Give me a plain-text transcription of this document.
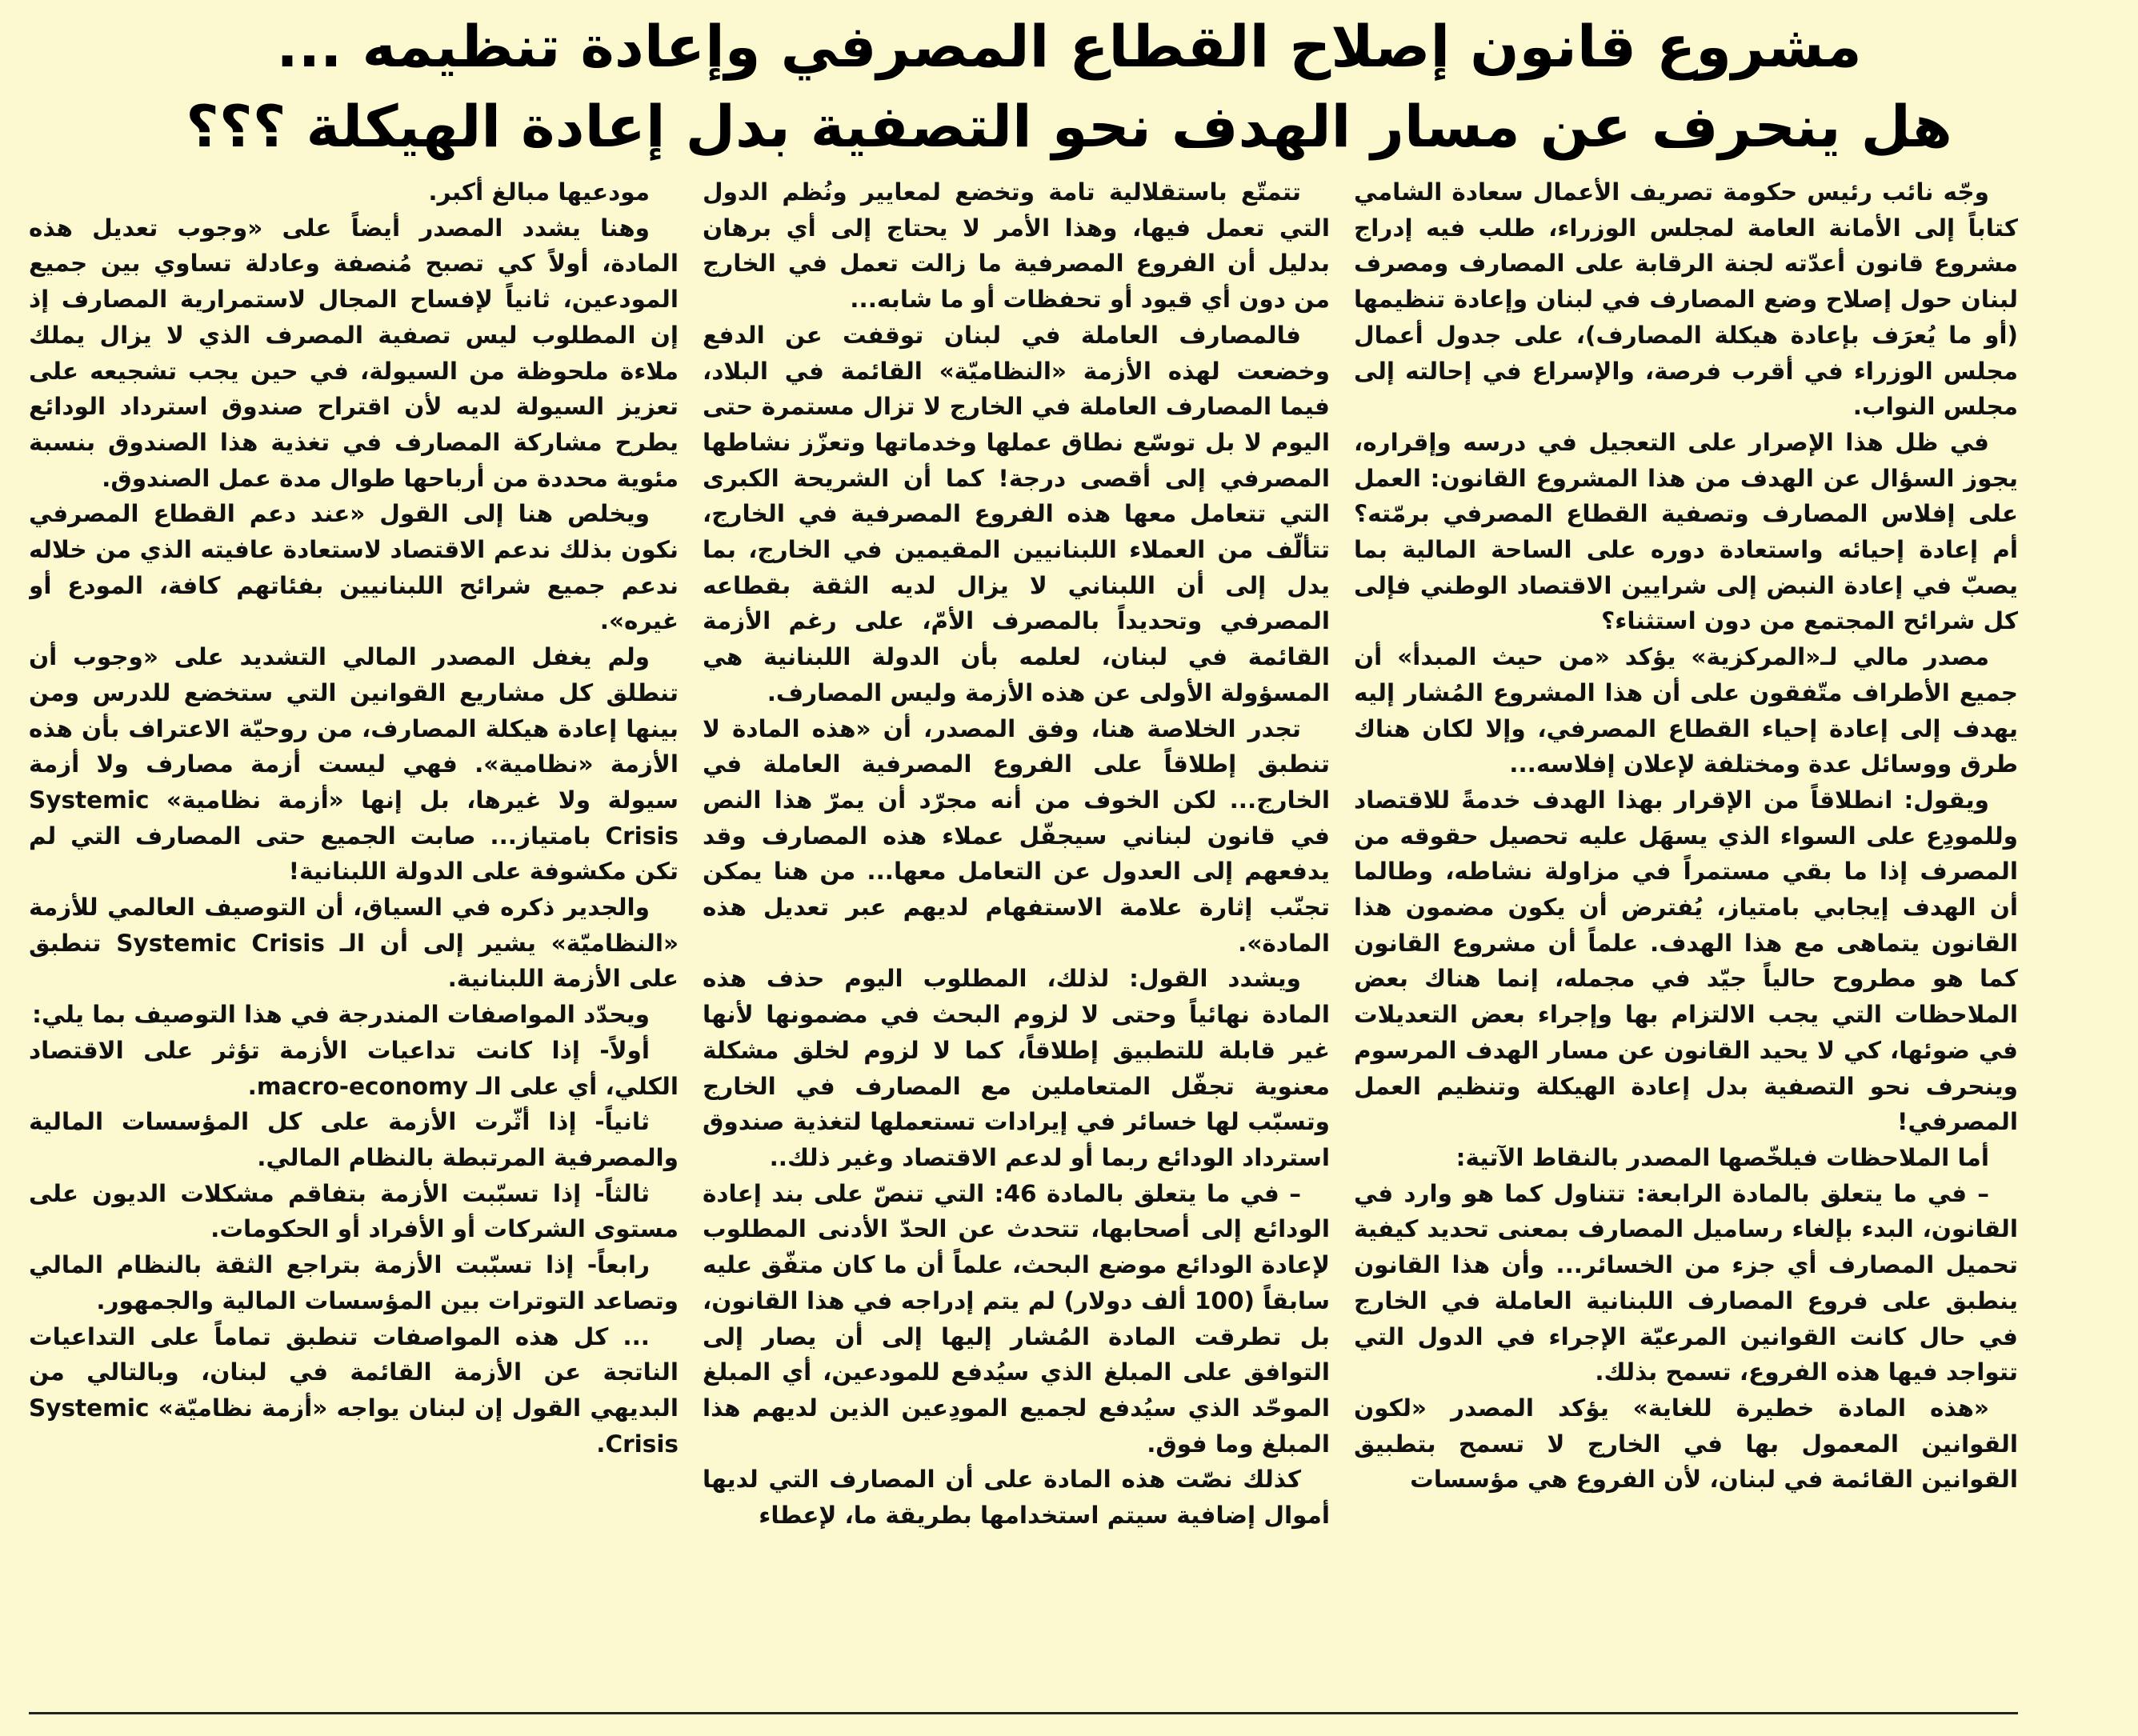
مشروع قانون إصلاح القطاع المصرفي وإعادة تنظيمه ...
هل ينحرف عن مسار الهدف نحو التصفية بدل إعادة الهيكلة ؟؟؟

وجّه نائب رئيس حكومة تصريف الأعمال سعادة الشامي كتاباً إلى الأمانة العامة لمجلس الوزراء، طلب فيه إدراج مشروع قانون أعدّته لجنة الرقابة على المصارف ومصرف لبنان حول إصلاح وضع المصارف في لبنان وإعادة تنظيمها (أو ما يُعرَف بإعادة هيكلة المصارف)، على جدول أعمال مجلس الوزراء في أقرب فرصة، والإسراع في إحالته إلى مجلس النواب.

في ظل هذا الإصرار على التعجيل في درسه وإقراره، يجوز السؤال عن الهدف من هذا المشروع القانون: العمل على إفلاس المصارف وتصفية القطاع المصرفي برمّته؟ أم إعادة إحيائه واستعادة دوره على الساحة المالية بما يصبّ في إعادة النبض إلى شرايين الاقتصاد الوطني فإلى كل شرائح المجتمع من دون استثناء؟

مصدر مالي لـ«المركزية» يؤكد «من حيث المبدأ» أن جميع الأطراف متّفقون على أن هذا المشروع المُشار إليه يهدف إلى إعادة إحياء القطاع المصرفي، وإلا لكان هناك طرق ووسائل عدة ومختلفة لإعلان إفلاسه...

ويقول: انطلاقاً من الإقرار بهذا الهدف خدمةً للاقتصاد وللمودِع على السواء الذي يسهَل عليه تحصيل حقوقه من المصرف إذا ما بقي مستمراً في مزاولة نشاطه، وطالما أن الهدف إيجابي بامتياز، يُفترض أن يكون مضمون هذا القانون يتماهى مع هذا الهدف. علماً أن مشروع القانون كما هو مطروح حالياً جيّد في مجمله، إنما هناك بعض الملاحظات التي يجب الالتزام بها وإجراء بعض التعديلات في ضوئها، كي لا يحيد القانون عن مسار الهدف المرسوم وينحرف نحو التصفية بدل إعادة الهيكلة وتنظيم العمل المصرفي!

أما الملاحظات فيلخّصها المصدر بالنقاط الآتية:

– في ما يتعلق بالمادة الرابعة: تتناول كما هو وارد في القانون، البدء بإلغاء رساميل المصارف بمعنى تحديد كيفية تحميل المصارف أي جزء من الخسائر... وأن هذا القانون ينطبق على فروع المصارف اللبنانية العاملة في الخارج في حال كانت القوانين المرعيّة الإجراء في الدول التي تتواجد فيها هذه الفروع، تسمح بذلك.

«هذه المادة خطيرة للغاية» يؤكد المصدر «لكون القوانين المعمول بها في الخارج لا تسمح بتطبيق القوانين القائمة في لبنان، لأن الفروع هي مؤسسات

تتمتّع باستقلالية تامة وتخضع لمعايير ونُظم الدول التي تعمل فيها، وهذا الأمر لا يحتاج إلى أي برهان بدليل أن الفروع المصرفية ما زالت تعمل في الخارج من دون أي قيود أو تحفظات أو ما شابه...

فالمصارف العاملة في لبنان توقفت عن الدفع وخضعت لهذه الأزمة «النظاميّة» القائمة في البلاد، فيما المصارف العاملة في الخارج لا تزال مستمرة حتى اليوم لا بل توسّع نطاق عملها وخدماتها وتعزّز نشاطها المصرفي إلى أقصى درجة! كما أن الشريحة الكبرى التي تتعامل معها هذه الفروع المصرفية في الخارج، تتألّف من العملاء اللبنانيين المقيمين في الخارج، بما يدل إلى أن اللبناني لا يزال لديه الثقة بقطاعه المصرفي وتحديداً بالمصرف الأمّ، على رغم الأزمة القائمة في لبنان، لعلمه بأن الدولة اللبنانية هي المسؤولة الأولى عن هذه الأزمة وليس المصارف.

تجدر الخلاصة هنا، وفق المصدر، أن «هذه المادة لا تنطبق إطلاقاً على الفروع المصرفية العاملة في الخارج... لكن الخوف من أنه مجرّد أن يمرّ هذا النص في قانون لبناني سيجفّل عملاء هذه المصارف وقد يدفعهم إلى العدول عن التعامل معها... من هنا يمكن تجنّب إثارة علامة الاستفهام لديهم عبر تعديل هذه المادة».

ويشدد القول: لذلك، المطلوب اليوم حذف هذه المادة نهائياً وحتى لا لزوم البحث في مضمونها لأنها غير قابلة للتطبيق إطلاقاً، كما لا لزوم لخلق مشكلة معنوية تجفّل المتعاملين مع المصارف في الخارج وتسبّب لها خسائر في إيرادات تستعملها لتغذية صندوق استرداد الودائع ربما أو لدعم الاقتصاد وغير ذلك..

– في ما يتعلق بالمادة 46: التي تنصّ على بند إعادة الودائع إلى أصحابها، تتحدث عن الحدّ الأدنى المطلوب لإعادة الودائع موضع البحث، علماً أن ما كان متفّق عليه سابقاً (100 ألف دولار) لم يتم إدراجه في هذا القانون، بل تطرقت المادة المُشار إليها إلى أن يصار إلى التوافق على المبلغ الذي سيُدفع للمودعين، أي المبلغ الموحّد الذي سيُدفع لجميع المودِعين الذين لديهم هذا المبلغ وما فوق.

كذلك نصّت هذه المادة على أن المصارف التي لديها أموال إضافية سيتم استخدامها بطريقة ما، لإعطاء

مودعيها مبالغ أكبر.

وهنا يشدد المصدر أيضاً على «وجوب تعديل هذه المادة، أولاً كي تصبح مُنصفة وعادلة تساوي بين جميع المودعين، ثانياً لإفساح المجال لاستمرارية المصارف إذ إن المطلوب ليس تصفية المصرف الذي لا يزال يملك ملاءة ملحوظة من السيولة، في حين يجب تشجيعه على تعزيز السيولة لديه لأن اقتراح صندوق استرداد الودائع يطرح مشاركة المصارف في تغذية هذا الصندوق بنسبة مئوية محددة من أرباحها طوال مدة عمل الصندوق.

ويخلص هنا إلى القول «عند دعم القطاع المصرفي نكون بذلك ندعم الاقتصاد لاستعادة عافيته الذي من خلاله ندعم جميع شرائح اللبنانيين بفئاتهم كافة، المودع أو غيره».

ولم يغفل المصدر المالي التشديد على «وجوب أن تنطلق كل مشاريع القوانين التي ستخضع للدرس ومن بينها إعادة هيكلة المصارف، من روحيّة الاعتراف بأن هذه الأزمة «نظامية». فهي ليست أزمة مصارف ولا أزمة سيولة ولا غيرها، بل إنها «أزمة نظامية» Systemic Crisis بامتياز... صابت الجميع حتى المصارف التي لم تكن مكشوفة على الدولة اللبنانية!

والجدير ذكره في السياق، أن التوصيف العالمي للأزمة «النظاميّة» يشير إلى أن الـ Systemic Crisis تنطبق على الأزمة اللبنانية.

ويحدّد المواصفات المندرجة في هذا التوصيف بما يلي:

أولاً- إذا كانت تداعيات الأزمة تؤثر على الاقتصاد الكلي، أي على الـ macro-economy.

ثانياً- إذا أثّرت الأزمة على كل المؤسسات المالية والمصرفية المرتبطة بالنظام المالي.

ثالثاً- إذا تسبّبت الأزمة بتفاقم مشكلات الديون على مستوى الشركات أو الأفراد أو الحكومات.

رابعاً- إذا تسبّبت الأزمة بتراجع الثقة بالنظام المالي وتصاعد التوترات بين المؤسسات المالية والجمهور.

... كل هذه المواصفات تنطبق تماماً على التداعيات الناتجة عن الأزمة القائمة في لبنان، وبالتالي من البديهي القول إن لبنان يواجه «أزمة نظاميّة» Systemic Crisis.
